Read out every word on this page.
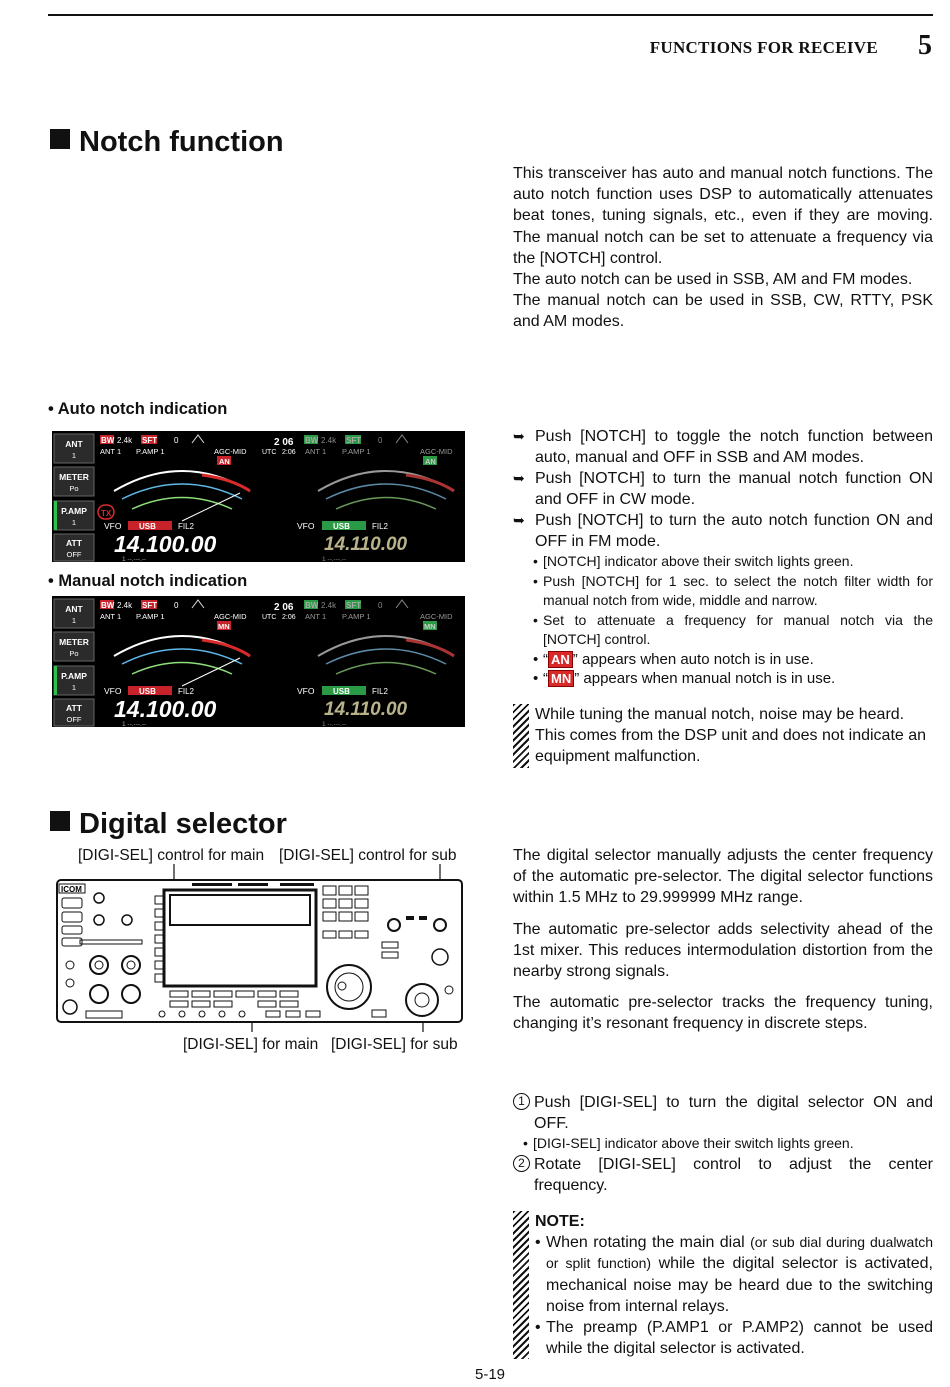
FUNCTIONS FOR RECEIVE 5
Notch function

This transceiver has auto and manual notch functions. The auto notch function uses DSP to automatically attenuates beat tones, tuning signals, etc., even if they are moving. The manual notch can be set to attenuate a frequency via the [NOTCH] control.

The auto notch can be used in SSB, AM and FM modes.

The manual notch can be used in SSB, CW, RTTY, PSK and AM modes.

• Auto notch indication
• Manual notch indication
ANT
1
METER
Po
P.AMP
1
ATT
OFF
BW 2.4k SFT 0
ANT 1 P.AMP 1	AGC-MID
AN
2 06
UTC 2:06
TX
VFO USB	FIL2
14.100.00
1 --.---.--
BW 2.4k SFT 0
ANT 1 P.AMP 1	AGC-MID
AN
VFO USB	FIL2
14.110.00
1 --.---.--
ANT
1
METER
Po
P.AMP
1
ATT
OFF
BW 2.4k SFT 0
ANT 1 P.AMP 1	AGC-MID
MN
2 06
UTC 2:06
VFO USB	FIL2
14.100.00
1 --.---.--
BW 2.4k SFT 0
ANT 1 P.AMP 1	AGC-MID
MN
VFO USB	FIL2
14.110.00
1 --.---.--
➥ Push [NOTCH] to toggle the notch function between auto, manual and OFF in SSB and AM modes.
➥ Push [NOTCH] to turn the manual notch function ON and OFF in CW mode.
➥ Push [NOTCH] to turn the auto notch function ON and OFF in FM mode.
• [NOTCH] indicator above their switch lights green.
• Push [NOTCH] for 1 sec. to select the notch filter width for manual notch from wide, middle and narrow.
• Set to attenuate a frequency for manual notch via the [NOTCH] control.
• “ AN ” appears when auto notch is in use.
• “ MN ” appears when manual notch is in use.
While tuning the manual notch, noise may be heard. This comes from the DSP unit and does not indicate an equipment malfunction.
Digital selector
[DIGI-SEL] control for main [DIGI-SEL] control for sub
[DIGI-SEL] for main [DIGI-SEL] for sub
ICOM

The digital selector manually adjusts the center frequency of the automatic pre-selector. The digital selector functions within 1.5 MHz to 29.999999 MHz range.

The automatic pre-selector adds selectivity ahead of the 1st mixer. This reduces intermodulation distortion from the nearby strong signals.

The automatic pre-selector tracks the frequency tuning, changing it’s resonant frequency in discrete steps.

1 Push [DIGI-SEL] to turn the digital selector ON and OFF.
• [DIGI-SEL] indicator above their switch lights green.
2 Rotate [DIGI-SEL] control to adjust the center frequency.
NOTE:
• When rotating the main dial (or sub dial during dualwatch or split function) while the digital selector is activated, mechanical noise may be heard due to the switching noise from internal relays.
• The preamp (P.AMP1 or P.AMP2) cannot be used while the digital selector is activated.
5-19
